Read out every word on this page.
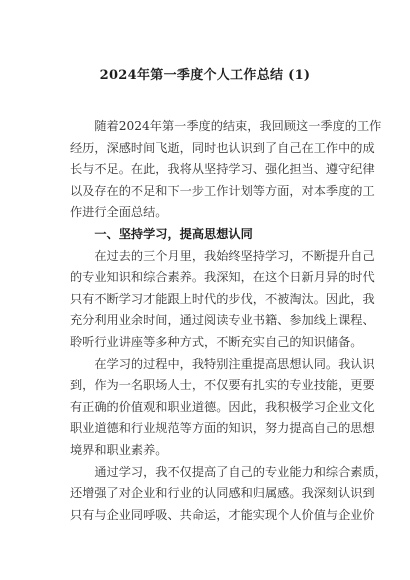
2024年第一季度个人工作总结 (1)

　　随着2024年第一季度的结束，我回顾这一季度的工作
经历，深感时间飞逝，同时也认识到了自己在工作中的成
长与不足。在此，我将从坚持学习、强化担当、遵守纪律
以及存在的不足和下一步工作计划等方面，对本季度的工
作进行全面总结。

　　一、坚持学习，提高思想认同

　　在过去的三个月里，我始终坚持学习，不断提升自己
的专业知识和综合素养。我深知，在这个日新月异的时代
只有不断学习才能跟上时代的步伐，不被淘汰。因此，我
充分利用业余时间，通过阅读专业书籍、参加线上课程、
聆听行业讲座等多种方式，不断充实自己的知识储备。

　　在学习的过程中，我特别注重提高思想认同。我认识
到，作为一名职场人士，不仅要有扎实的专业技能，更要
有正确的价值观和职业道德。因此，我积极学习企业文化
职业道德和行业规范等方面的知识，努力提高自己的思想
境界和职业素养。

　　通过学习，我不仅提高了自己的专业能力和综合素质，
还增强了对企业和行业的认同感和归属感。我深刻认识到
只有与企业同呼吸、共命运，才能实现个人价值与企业价
